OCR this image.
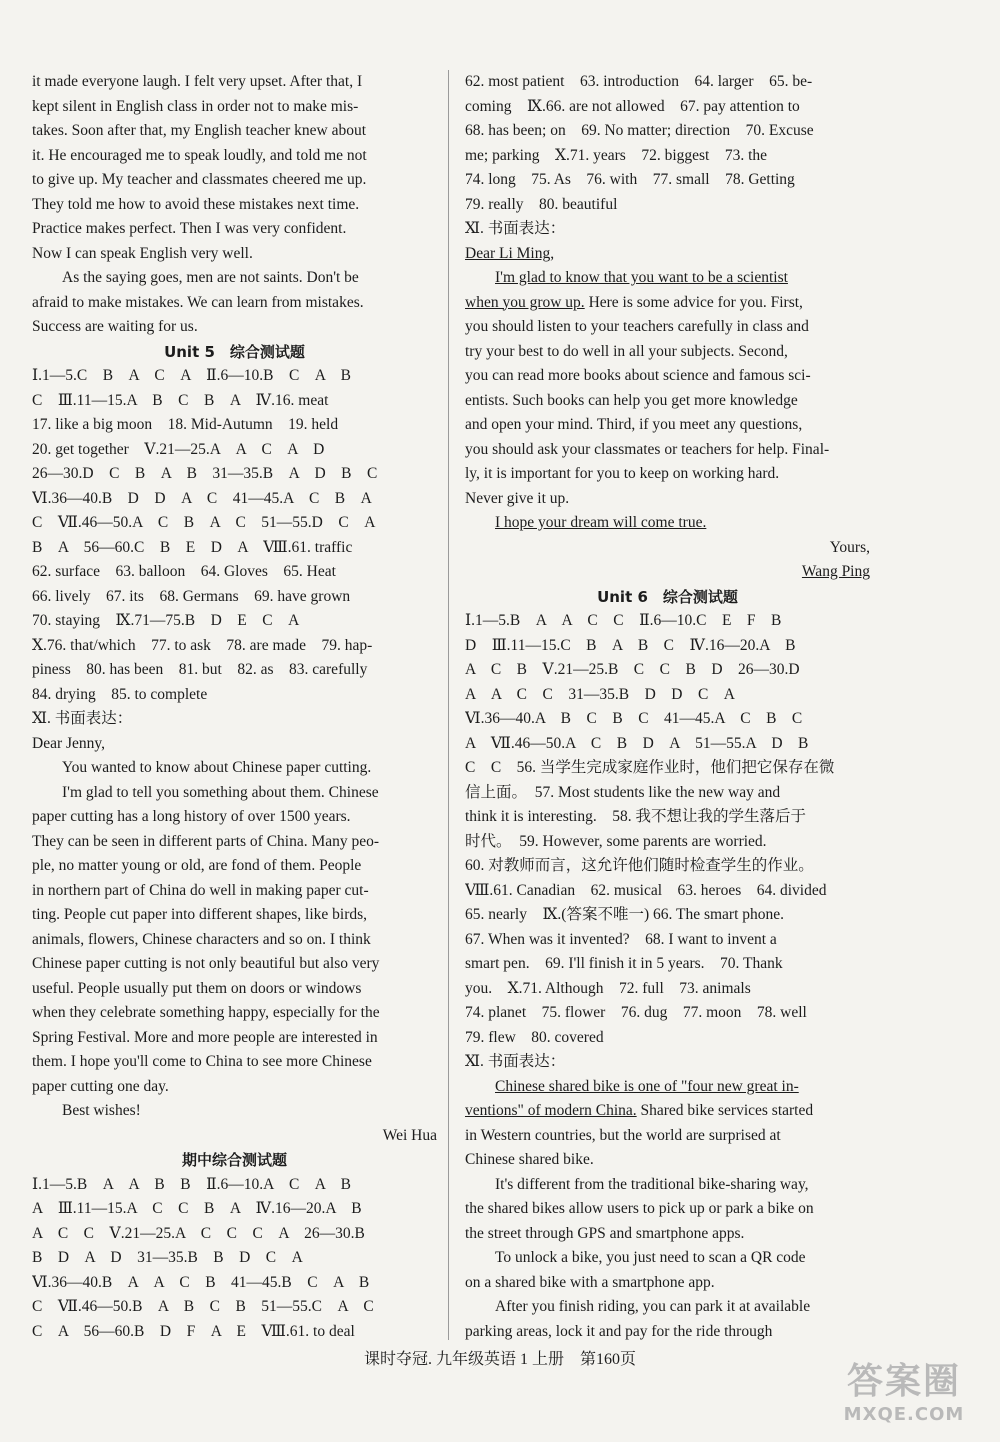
it made everyone laugh. I felt very upset. After that, I
kept silent in English class in order not to make mis-
takes. Soon after that, my English teacher knew about
it. He encouraged me to speak loudly, and told me not
to give up. My teacher and classmates cheered me up.
They told me how to avoid these mistakes next time.
Practice makes perfect. Then I was very confident.
Now I can speak English very well.
As the saying goes, men are not saints. Don't be
afraid to make mistakes. We can learn from mistakes.
Success are waiting for us.
Unit 5　综合测试题
Ⅰ.1—5.C　B　A　C　A　Ⅱ.6—10.B　C　A　B
C　Ⅲ.11—15.A　B　C　B　A　Ⅳ.16. meat
17. like a big moon　18. Mid-Autumn　19. held
20. get together　Ⅴ.21—25.A　A　C　A　D
26—30.D　C　B　A　B　31—35.B　A　D　B　C
Ⅵ.36—40.B　D　D　A　C　41—45.A　C　B　A
C　Ⅶ.46—50.A　C　B　A　C　51—55.D　C　A
B　A　56—60.C　B　E　D　A　Ⅷ.61. traffic
62. surface　63. balloon　64. Gloves　65. Heat
66. lively　67. its　68. Germans　69. have grown
70. staying　Ⅸ.71—75.B　D　E　C　A
Ⅹ.76. that/which　77. to ask　78. are made　79. hap-
piness　80. has been　81. but　82. as　83. carefully
84. drying　85. to complete
Ⅺ. 书面表达：
Dear Jenny,
You wanted to know about Chinese paper cutting.
I'm glad to tell you something about them. Chinese
paper cutting has a long history of over 1500 years.
They can be seen in different parts of China. Many peo-
ple, no matter young or old, are fond of them. People
in northern part of China do well in making paper cut-
ting. People cut paper into different shapes, like birds,
animals, flowers, Chinese characters and so on. I think
Chinese paper cutting is not only beautiful but also very
useful. People usually put them on doors or windows
when they celebrate something happy, especially for the
Spring Festival. More and more people are interested in
them. I hope you'll come to China to see more Chinese
paper cutting one day.
Best wishes!
Wei Hua
期中综合测试题
Ⅰ.1—5.B　A　A　B　B　Ⅱ.6—10.A　C　A　B
A　Ⅲ.11—15.A　C　C　B　A　Ⅳ.16—20.A　B
A　C　C　Ⅴ.21—25.A　C　C　C　A　26—30.B
B　D　A　D　31—35.B　B　D　C　A
Ⅵ.36—40.B　A　A　C　B　41—45.B　C　A　B
C　Ⅶ.46—50.B　A　B　C　B　51—55.C　A　C
C　A　56—60.B　D　F　A　E　Ⅷ.61. to deal
62. most patient　63. introduction　64. larger　65. be-
coming　Ⅸ.66. are not allowed　67. pay attention to
68. has been; on　69. No matter; direction　70. Excuse
me; parking　Ⅹ.71. years　72. biggest　73. the
74. long　75. As　76. with　77. small　78. Getting
79. really　80. beautiful
Ⅺ. 书面表达：
Dear Li Ming,
I'm glad to know that you want to be a scientist
when you grow up. Here is some advice for you. First,
you should listen to your teachers carefully in class and
try your best to do well in all your subjects. Second,
you can read more books about science and famous sci-
entists. Such books can help you get more knowledge
and open your mind. Third, if you meet any questions,
you should ask your classmates or teachers for help. Final-
ly, it is important for you to keep on working hard.
Never give it up.
I hope your dream will come true.
Yours,
Wang Ping
Unit 6　综合测试题
Ⅰ.1—5.B　A　A　C　C　Ⅱ.6—10.C　E　F　B
D　Ⅲ.11—15.C　B　A　B　C　Ⅳ.16—20.A　B
A　C　B　Ⅴ.21—25.B　C　C　B　D　26—30.D
A　A　C　C　31—35.B　D　D　C　A
Ⅵ.36—40.A　B　C　B　C　41—45.A　C　B　C
A　Ⅶ.46—50.A　C　B　D　A　51—55.A　D　B
C　C　56. 当学生完成家庭作业时，他们把它保存在微
信上面。　57. Most students like the new way and
think it is interesting.　58. 我不想让我的学生落后于
时代。　59. However, some parents are worried.
60. 对教师而言，这允许他们随时检查学生的作业。
Ⅷ.61. Canadian　62. musical　63. heroes　64. divided
65. nearly　Ⅸ.(答案不唯一) 66. The smart phone.
67. When was it invented?　68. I want to invent a
smart pen.　69. I'll finish it in 5 years.　70. Thank
you.　Ⅹ.71. Although　72. full　73. animals
74. planet　75. flower　76. dug　77. moon　78. well
79. flew　80. covered
Ⅺ. 书面表达：
Chinese shared bike is one of "four new great in-
ventions" of modern China. Shared bike services started
in Western countries, but the world are surprised at
Chinese shared bike.
It's different from the traditional bike-sharing way,
the shared bikes allow users to pick up or park a bike on
the street through GPS and smartphone apps.
To unlock a bike, you just need to scan a QR code
on a shared bike with a smartphone app.
After you finish riding, you can park it at available
parking areas, lock it and pay for the ride through
课时夺冠. 九年级英语 1 上册　第160页
答案圈
MXQE.COM
